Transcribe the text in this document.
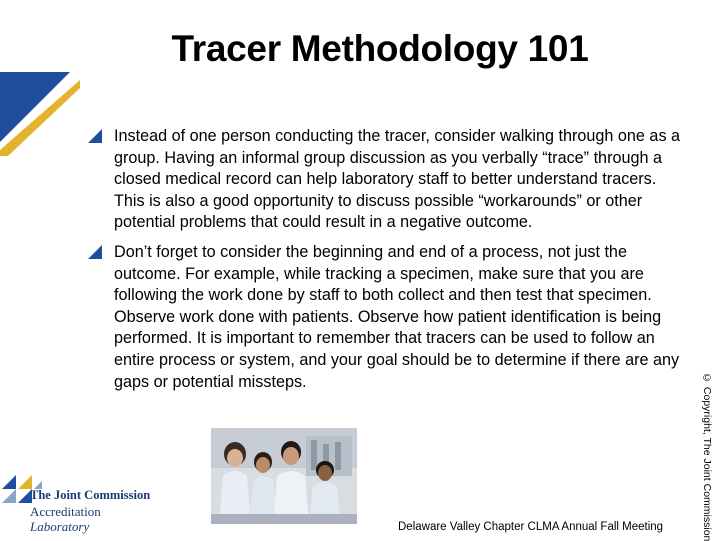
Tracer Methodology 101
Instead of one person conducting the tracer, consider walking through one as a group. Having an informal group discussion as you verbally “trace” through a closed medical record can help laboratory staff to better understand tracers. This is also a good opportunity to discuss possible “workarounds” or other potential problems that could result in a negative outcome.
Don’t forget to consider the beginning and end of a process, not just the outcome. For example, while tracking a specimen, make sure that you are following the work done by staff to both collect and then test that specimen. Observe work done with patients. Observe how patient identification is being performed. It is important to remember that tracers can be used to follow an entire process or system, and your goal should be to determine if there are any gaps or potential missteps.	© Copyright, The Joint Commission
The Joint Commission
Accreditation
Laboratory	Delaware Valley Chapter CLMA Annual Fall Meeting
